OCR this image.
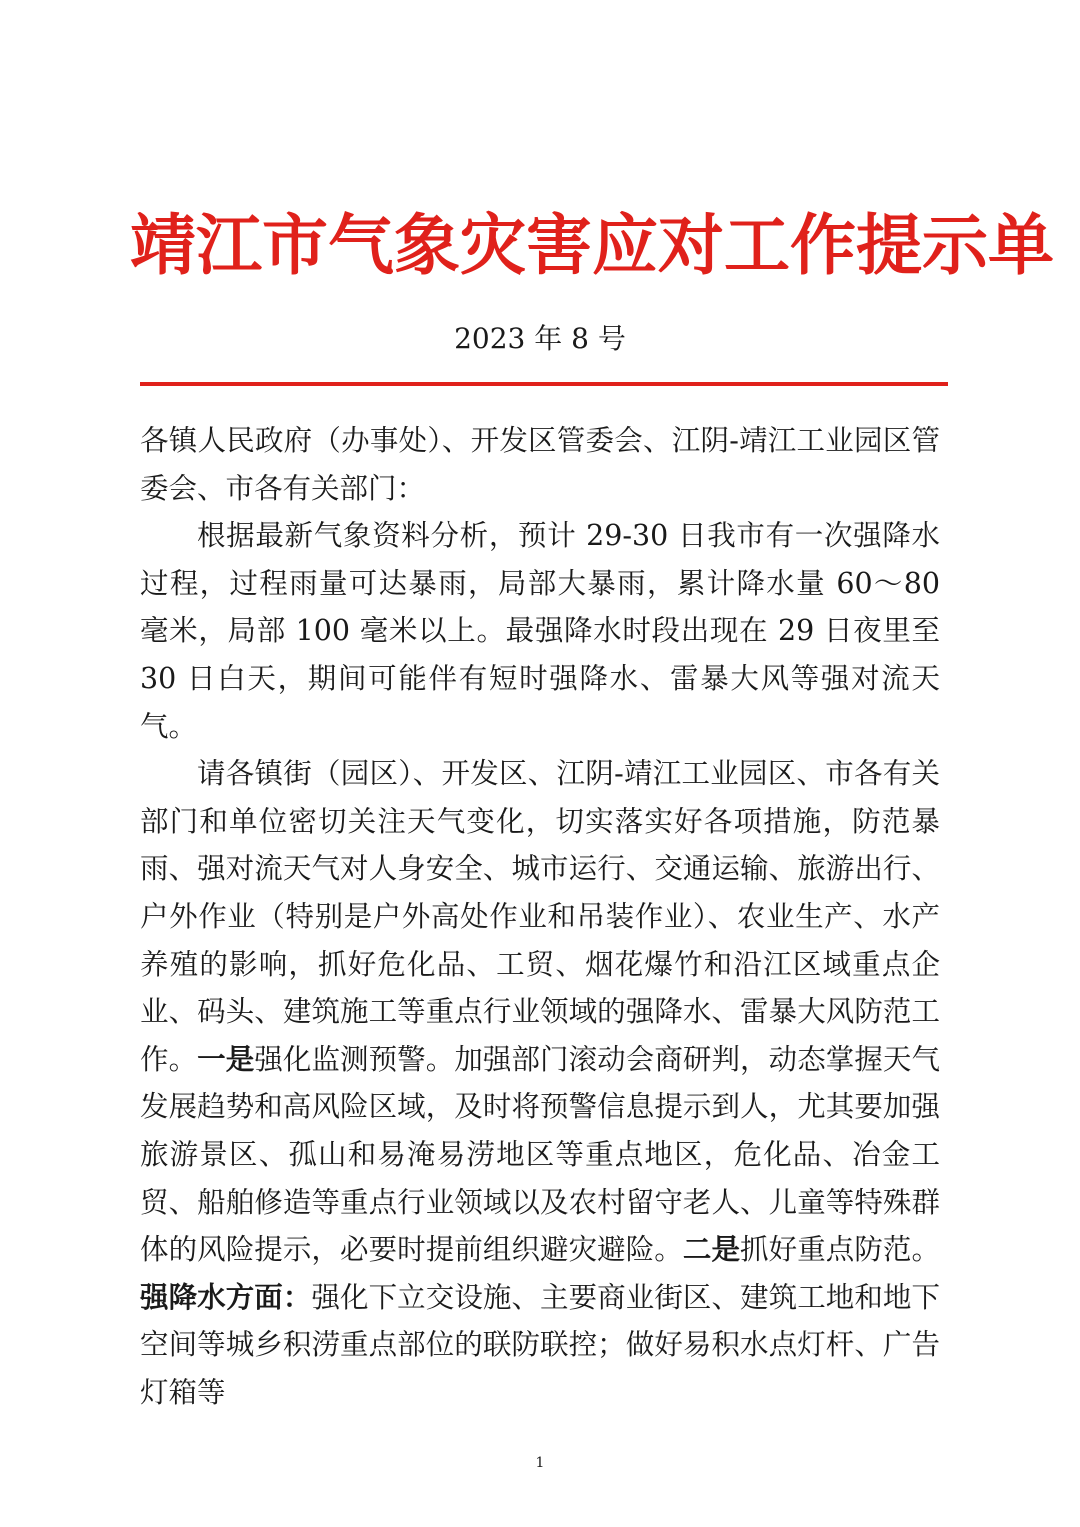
靖江市气象灾害应对工作提示单
2023 年 8 号

各镇人民政府（办事处）、开发区管委会、江阴-靖江工业园区管委会、市各有关部门：

根据最新气象资料分析，预计 29-30 日我市有一次强降水过程，过程雨量可达暴雨，局部大暴雨，累计降水量 60～80 毫米，局部 100 毫米以上。最强降水时段出现在 29 日夜里至 30 日白天，期间可能伴有短时强降水、雷暴大风等强对流天气。

请各镇街（园区）、开发区、江阴-靖江工业园区、市各有关部门和单位密切关注天气变化，切实落实好各项措施，防范暴雨、强对流天气对人身安全、城市运行、交通运输、旅游出行、户外作业（特别是户外高处作业和吊装作业）、农业生产、水产养殖的影响，抓好危化品、工贸、烟花爆竹和沿江区域重点企业、码头、建筑施工等重点行业领域的强降水、雷暴大风防范工作。一是强化监测预警。加强部门滚动会商研判，动态掌握天气发展趋势和高风险区域，及时将预警信息提示到人，尤其要加强旅游景区、孤山和易淹易涝地区等重点地区，危化品、冶金工贸、船舶修造等重点行业领域以及农村留守老人、儿童等特殊群体的风险提示，必要时提前组织避灾避险。二是抓好重点防范。强降水方面：强化下立交设施、主要商业街区、建筑工地和地下空间等城乡积涝重点部位的联防联控；做好易积水点灯杆、广告灯箱等

1
